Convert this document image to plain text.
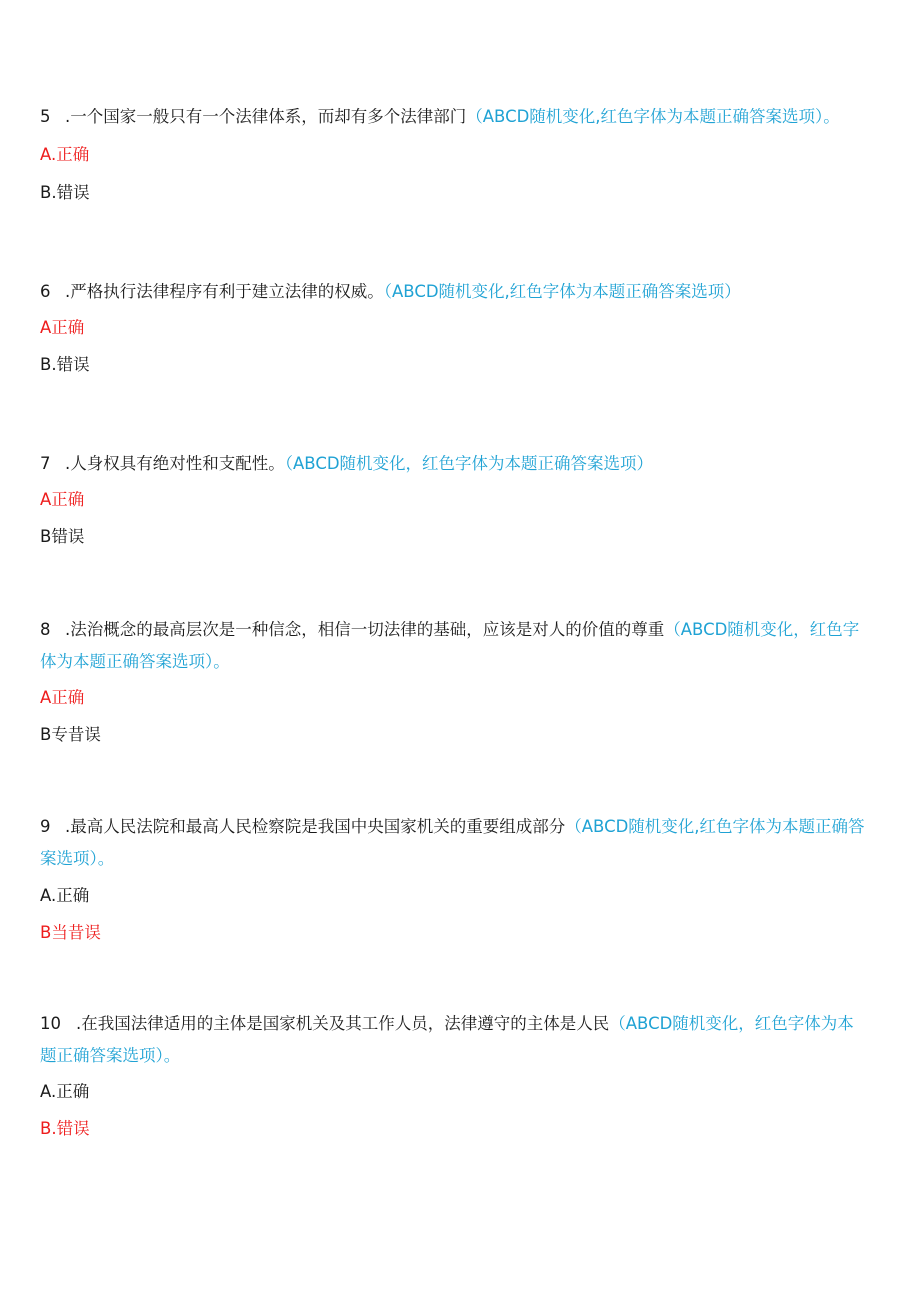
5 .一个国家一般只有一个法律体系，而却有多个法律部门（ABCD随机变化,红色字体为本题正确答案选项）。

A.正确

B.错误

6 .严格执行法律程序有利于建立法律的权威。（ABCD随机变化,红色字体为本题正确答案选项）

A正确

B.错误

7 .人身权具有绝对性和支配性。（ABCD随机变化，红色字体为本题正确答案选项）

A正确

B错误

8 .法治概念的最高层次是一种信念，相信一切法律的基础，应该是对人的价值的尊重（ABCD随机变化，红色字体为本题正确答案选项）。

A正确

B专昔误

9 .最高人民法院和最高人民检察院是我国中央国家机关的重要组成部分（ABCD随机变化,红色字体为本题正确答案选项）。

A.正确

B当昔误

10 .在我国法律适用的主体是国家机关及其工作人员，法律遵守的主体是人民（ABCD随机变化，红色字体为本题正确答案选项）。

A.正确

B.错误
